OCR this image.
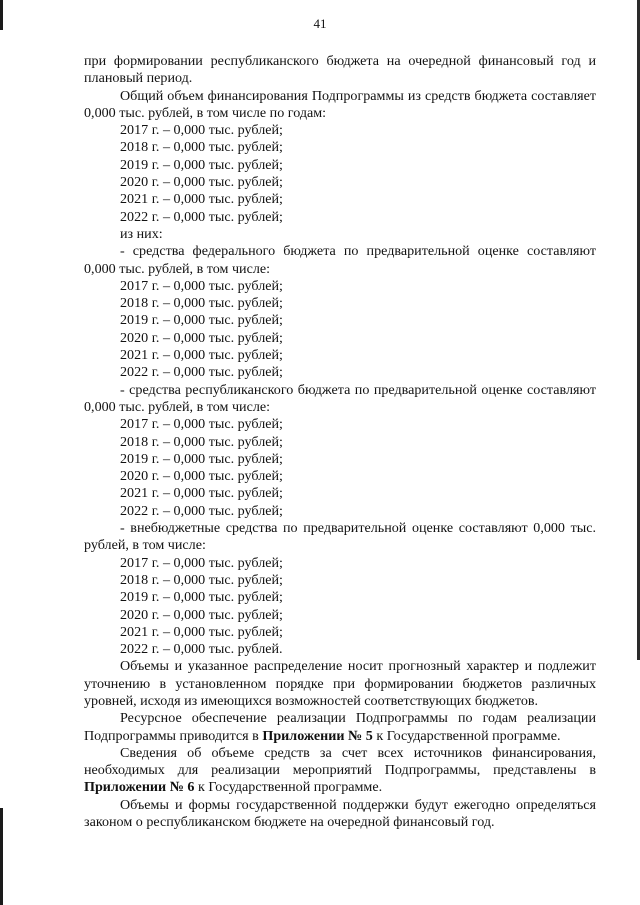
41

при формировании республиканского бюджета на очередной финансовый год и плановый период.

Общий объем финансирования Подпрограммы из средств бюджета составляет 0,000 тыс. рублей, в том числе по годам:

2017 г. – 0,000 тыс. рублей;

2018 г. – 0,000 тыс. рублей;

2019 г. – 0,000 тыс. рублей;

2020 г. – 0,000 тыс. рублей;

2021 г. – 0,000 тыс. рублей;

2022 г. – 0,000 тыс. рублей;

из них:

- средства федерального бюджета по предварительной оценке составляют 0,000 тыс. рублей, в том числе:

2017 г. – 0,000 тыс. рублей;

2018 г. – 0,000 тыс. рублей;

2019 г. – 0,000 тыс. рублей;

2020 г. – 0,000 тыс. рублей;

2021 г. – 0,000 тыс. рублей;

2022 г. – 0,000 тыс. рублей;

- средства республиканского бюджета по предварительной оценке составляют 0,000 тыс. рублей, в том числе:

2017 г. – 0,000 тыс. рублей;

2018 г. – 0,000 тыс. рублей;

2019 г. – 0,000 тыс. рублей;

2020 г. – 0,000 тыс. рублей;

2021 г. – 0,000 тыс. рублей;

2022 г. – 0,000 тыс. рублей;

- внебюджетные средства по предварительной оценке составляют 0,000 тыс. рублей, в том числе:

2017 г. – 0,000 тыс. рублей;

2018 г. – 0,000 тыс. рублей;

2019 г. – 0,000 тыс. рублей;

2020 г. – 0,000 тыс. рублей;

2021 г. – 0,000 тыс. рублей;

2022 г. – 0,000 тыс. рублей.

Объемы и указанное распределение носит прогнозный характер и подлежит уточнению в установленном порядке при формировании бюджетов различных уровней, исходя из имеющихся возможностей соответствующих бюджетов.

Ресурсное обеспечение реализации Подпрограммы по годам реализации Подпрограммы приводится в Приложении № 5 к Государственной программе.

Сведения об объеме средств за счет всех источников финансирования, необходимых для реализации мероприятий Подпрограммы, представлены в Приложении № 6 к Государственной программе.

Объемы и формы государственной поддержки будут ежегодно определяться законом о республиканском бюджете на очередной финансовый год.
